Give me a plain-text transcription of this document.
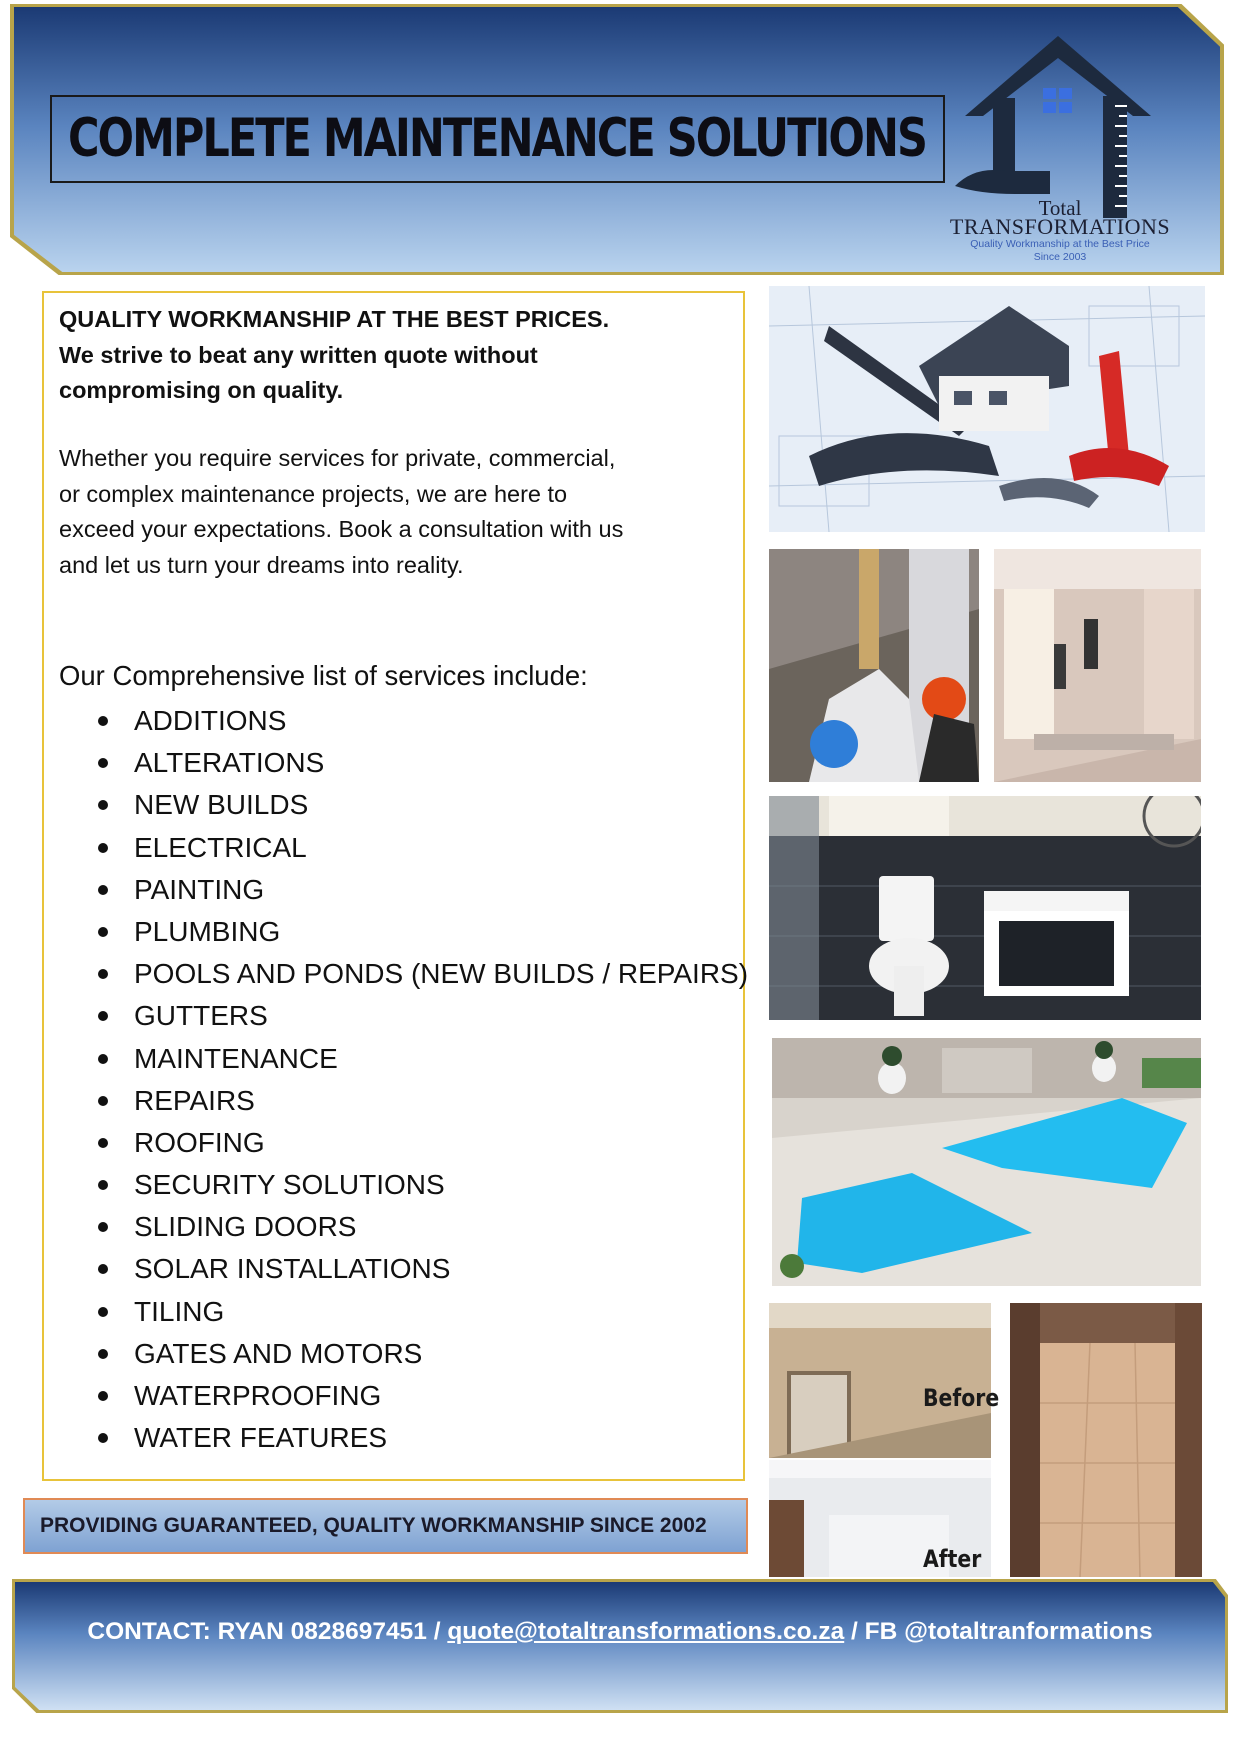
COMPLETE MAINTENANCE SOLUTIONS
Total
TRANSFORMATIONS
Quality Workmanship at the Best Price
Since 2003
QUALITY WORKMANSHIP AT THE BEST PRICES.
We strive to beat any written quote without compromising on quality.
Whether you require services for private, commercial, or complex maintenance projects, we are here to exceed your expectations. Book a consultation with us and let us turn your dreams into reality.
Our Comprehensive list of services include:
ADDITIONS
ALTERATIONS
NEW BUILDS
ELECTRICAL
PAINTING
PLUMBING
POOLS AND PONDS (NEW BUILDS / REPAIRS)
GUTTERS
MAINTENANCE
REPAIRS
ROOFING
SECURITY SOLUTIONS
SLIDING DOORS
SOLAR INSTALLATIONS
TILING
GATES AND MOTORS
WATERPROOFING
WATER FEATURES
PROVIDING GUARANTEED, QUALITY WORKMANSHIP SINCE 2002
Before
After
CONTACT: RYAN 0828697451 / quote@totaltransformations.co.za / FB @totaltranformations
